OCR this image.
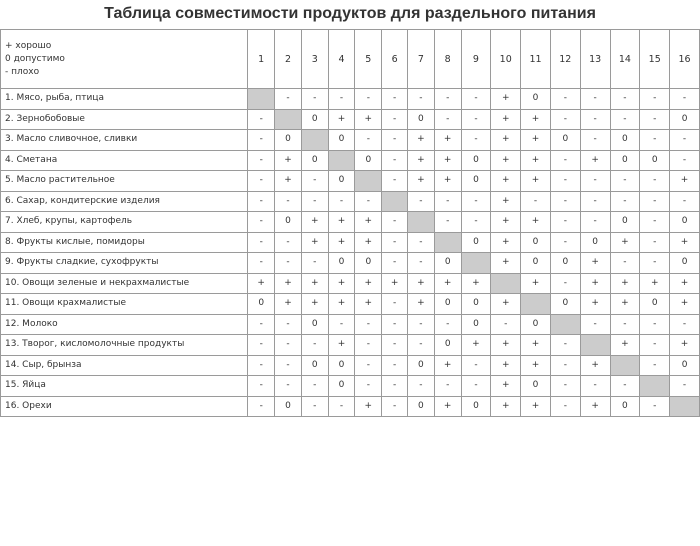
Таблица совместимости продуктов для раздельного питания
+ хорошо
0 допустимо
- плохо	1	2	3	4	5	6	7	8	9	10	11	12	13	14	15	16
1. Мясо, рыба, птица		-	-	-	-	-	-	-	-	+	0	-	-	-	-	-
2. Зернобобовые	-		0	+	+	-	0	-	-	+	+	-	-	-	-	0
3. Масло сливочное, сливки	-	0		0	-	-	+	+	-	+	+	0	-	0	-	-
4. Сметана	-	+	0		0	-	+	+	0	+	+	-	+	0	0	-
5. Масло растительное	-	+	-	0		-	+	+	0	+	+	-	-	-	-	+
6. Сахар, кондитерские изделия	-	-	-	-	-		-	-	-	+	-	-	-	-	-	-
7. Хлеб, крупы, картофель	-	0	+	+	+	-		-	-	+	+	-	-	0	-	0
8. Фрукты кислые, помидоры	-	-	+	+	+	-	-		0	+	0	-	0	+	-	+
9. Фрукты сладкие, сухофрукты	-	-	-	0	0	-	-	0		+	0	0	+	-	-	0
10. Овощи зеленые и некрахмалистые	+	+	+	+	+	+	+	+	+		+	-	+	+	+	+
11. Овощи крахмалистые	0	+	+	+	+	-	+	0	0	+		0	+	+	0	+
12. Молоко	-	-	0	-	-	-	-	-	0	-	0		-	-	-	-
13. Творог, кисломолочные продукты	-	-	-	+	-	-	-	0	+	+	+	-		+	-	+
14. Сыр, брынза	-	-	0	0	-	-	0	+	-	+	+	-	+		-	0
15. Яйца	-	-	-	0	-	-	-	-	-	+	0	-	-	-		-
16. Орехи	-	0	-	-	+	-	0	+	0	+	+	-	+	0	-	
